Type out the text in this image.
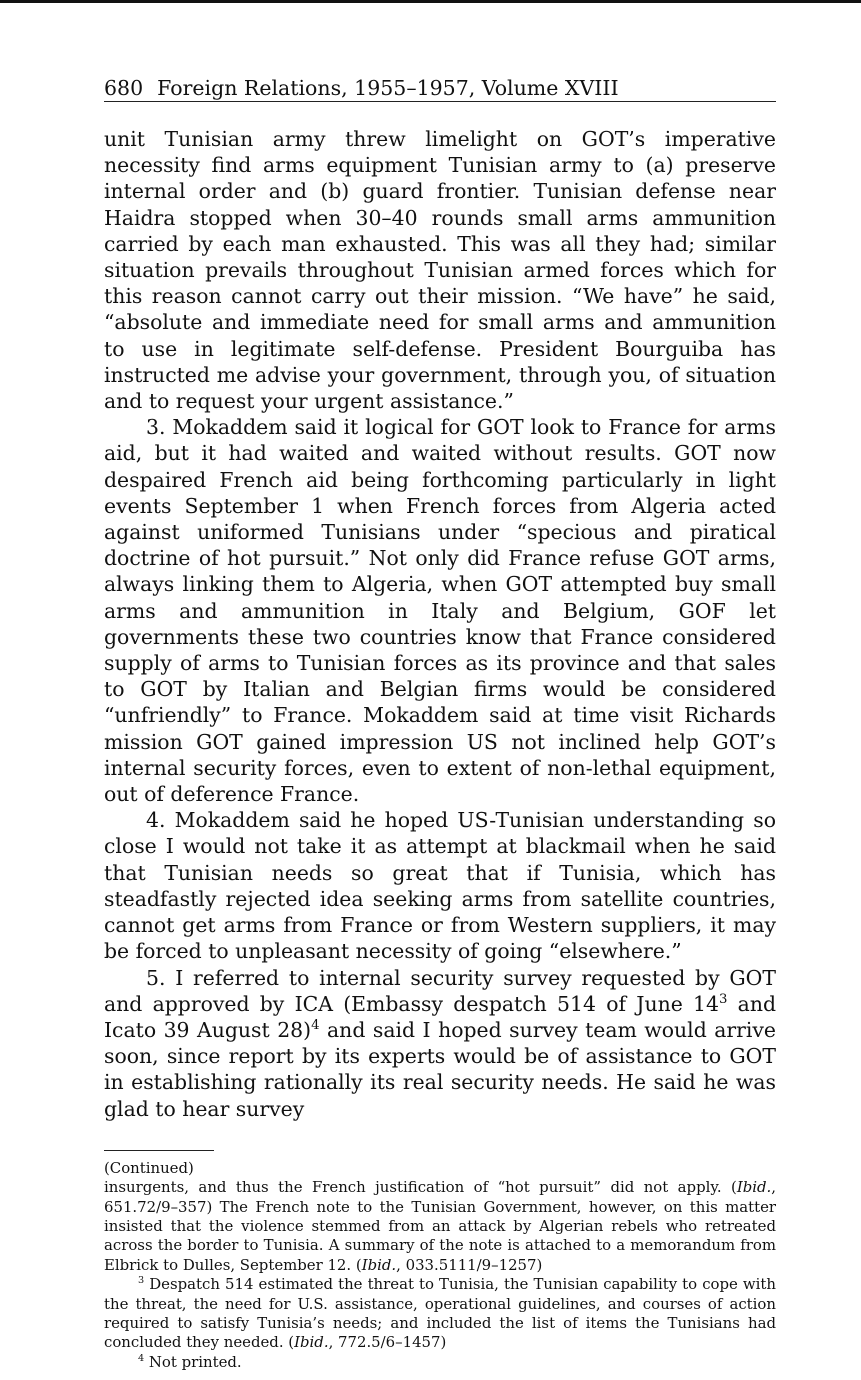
680 Foreign Relations, 1955–1957, Volume XVIII

unit Tunisian army threw limelight on GOT’s imperative necessity find arms equipment Tunisian army to (a) preserve internal order and (b) guard frontier. Tunisian defense near Haidra stopped when 30–40 rounds small arms ammunition carried by each man exhausted. This was all they had; similar situation prevails throughout Tunisian armed forces which for this reason cannot carry out their mission. “We have” he said, “absolute and immediate need for small arms and ammunition to use in legitimate self-defense. President Bourguiba has instructed me advise your government, through you, of situation and to request your urgent assistance.”

3. Mokaddem said it logical for GOT look to France for arms aid, but it had waited and waited without results. GOT now despaired French aid being forthcoming particularly in light events September 1 when French forces from Algeria acted against uniformed Tunisians under “specious and piratical doctrine of hot pursuit.” Not only did France refuse GOT arms, always linking them to Algeria, when GOT attempted buy small arms and ammunition in Italy and Belgium, GOF let governments these two countries know that France considered supply of arms to Tunisian forces as its province and that sales to GOT by Italian and Belgian firms would be considered “unfriendly” to France. Mokaddem said at time visit Richards mission GOT gained impression US not inclined help GOT’s internal security forces, even to extent of non-lethal equipment, out of deference France.

4. Mokaddem said he hoped US-Tunisian understanding so close I would not take it as attempt at blackmail when he said that Tunisian needs so great that if Tunisia, which has steadfastly rejected idea seeking arms from satellite countries, cannot get arms from France or from Western suppliers, it may be forced to unpleasant necessity of going “elsewhere.”

5. I referred to internal security survey requested by GOT and approved by ICA (Embassy despatch 514 of June $14^3$ and Icato 39 August 28)$^4$ and said I hoped survey team would arrive soon, since report by its experts would be of assistance to GOT in establishing rationally its real security needs. He said he was glad to hear survey

(Continued)

insurgents, and thus the French justification of “hot pursuit” did not apply. (Ibid., 651.72/9–357) The French note to the Tunisian Government, however, on this matter insisted that the violence stemmed from an attack by Algerian rebels who retreated across the border to Tunisia. A summary of the note is attached to a memorandum from Elbrick to Dulles, September 12. (Ibid., 033.5111/9–1257)

$^3$ Despatch 514 estimated the threat to Tunisia, the Tunisian capability to cope with the threat, the need for U.S. assistance, operational guidelines, and courses of action required to satisfy Tunisia’s needs; and included the list of items the Tunisians had concluded they needed. (Ibid., 772.5/6–1457)

$^4$ Not printed.
